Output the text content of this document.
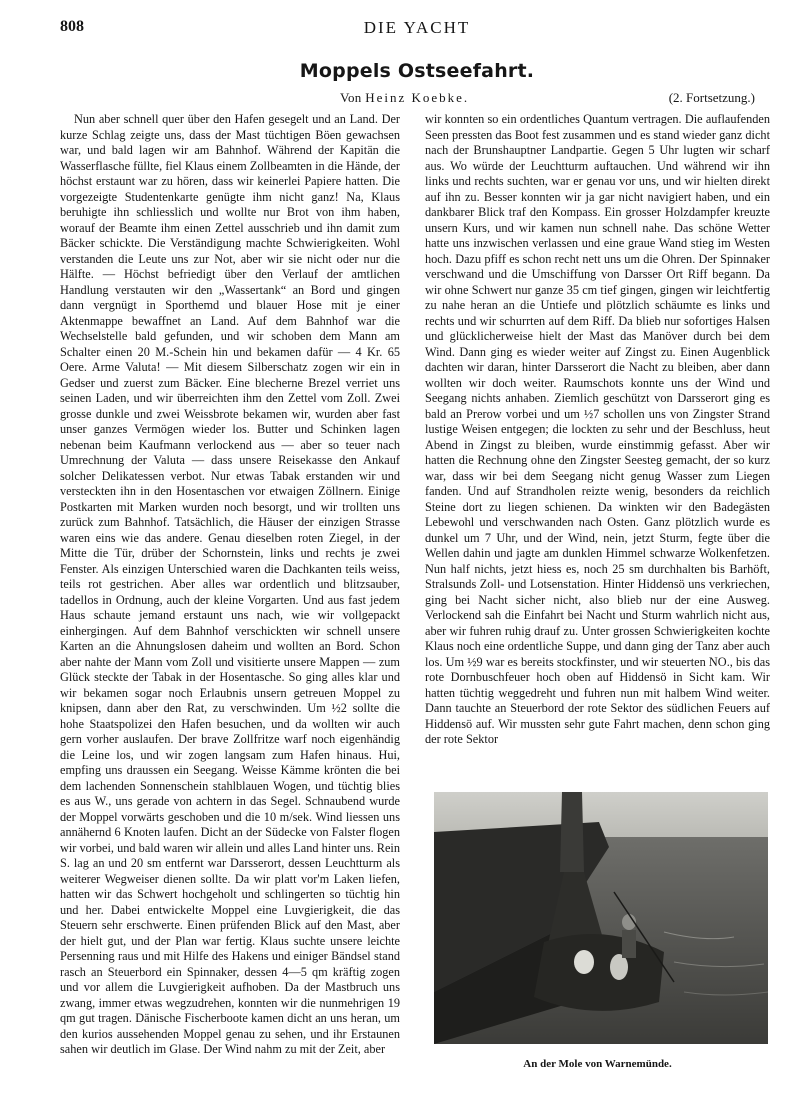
808	DIE YACHT
Moppels Ostseefahrt.
Von Heinz Koebke.	(2. Fortsetzung.)

Nun aber schnell quer über den Hafen gesegelt und an Land. Der kurze Schlag zeigte uns, dass der Mast tüchtigen Böen gewachsen war, und bald lagen wir am Bahnhof. Während der Kapitän die Wasserflasche füllte, fiel Klaus einem Zollbeamten in die Hände, der höchst erstaunt war zu hören, dass wir keinerlei Papiere hatten. Die vorgezeigte Studentenkarte genügte ihm nicht ganz! Na, Klaus beruhigte ihn schliesslich und wollte nur Brot von ihm haben, worauf der Beamte ihm einen Zettel ausschrieb und ihn damit zum Bäcker schickte. Die Verständigung machte Schwierigkeiten. Wohl verstanden die Leute uns zur Not, aber wir sie nicht oder nur die Hälfte. — Höchst befriedigt über den Verlauf der amtlichen Handlung verstauten wir den „Wassertank“ an Bord und gingen dann vergnügt in Sporthemd und blauer Hose mit je einer Aktenmappe bewaffnet an Land. Auf dem Bahnhof war die Wechselstelle bald gefunden, und wir schoben dem Mann am Schalter einen 20 M.-Schein hin und bekamen dafür — 4 Kr. 65 Oere. Arme Valuta! — Mit diesem Silberschatz zogen wir ein in Gedser und zuerst zum Bäcker. Eine blecherne Brezel verriet uns seinen Laden, und wir überreichten ihm den Zettel vom Zoll. Zwei grosse dunkle und zwei Weissbrote bekamen wir, wurden aber fast unser ganzes Vermögen wieder los. Butter und Schinken lagen nebenan beim Kaufmann verlockend aus — aber so teuer nach Umrechnung der Valuta — dass unsere Reisekasse den Ankauf solcher Delikatessen verbot. Nur etwas Tabak erstanden wir und versteckten ihn in den Hosentaschen vor etwaigen Zöllnern. Einige Postkarten mit Marken wurden noch besorgt, und wir trollten uns zurück zum Bahnhof. Tatsächlich, die Häuser der einzigen Strasse waren eins wie das andere. Genau dieselben roten Ziegel, in der Mitte die Tür, drüber der Schornstein, links und rechts je zwei Fenster. Als einzigen Unterschied waren die Dachkanten teils weiss, teils rot gestrichen. Aber alles war ordentlich und blitzsauber, tadellos in Ordnung, auch der kleine Vorgarten. Und aus fast jedem Haus schaute jemand erstaunt uns nach, wie wir vollgepackt einhergingen. Auf dem Bahnhof verschickten wir schnell unsere Karten an die Ahnungslosen daheim und wollten an Bord. Schon aber nahte der Mann vom Zoll und visitierte unsere Mappen — zum Glück steckte der Tabak in der Hosentasche. So ging alles klar und wir bekamen sogar noch Erlaubnis unsern getreuen Moppel zu knipsen, dann aber den Rat, zu verschwinden. Um ½2 sollte die hohe Staatspolizei den Hafen besuchen, und da wollten wir auch gern vorher auslaufen. Der brave Zollfritze warf noch eigenhändig die Leine los, und wir zogen langsam zum Hafen hinaus. Hui, empfing uns draussen ein Seegang. Weisse Kämme krönten die bei dem lachenden Sonnenschein stahlblauen Wogen, und tüchtig blies es aus W., uns gerade von achtern in das Segel. Schnaubend wurde der Moppel vorwärts geschoben und die 10 m/sek. Wind liessen uns annähernd 6 Knoten laufen. Dicht an der Südecke von Falster flogen wir vorbei, und bald waren wir allein und alles Land hinter uns. Rein S. lag an und 20 sm entfernt war Darsserort, dessen Leuchtturm als weiterer Wegweiser dienen sollte. Da wir platt vor'm Laken liefen, hatten wir das Schwert hochgeholt und schlingerten so tüchtig hin und her. Dabei entwickelte Moppel eine Luvgierigkeit, die das Steuern sehr erschwerte. Einen prüfenden Blick auf den Mast, aber der hielt gut, und der Plan war fertig. Klaus suchte unsere leichte Persenning raus und mit Hilfe des Hakens und einiger Bändsel stand rasch an Steuerbord ein Spinnaker, dessen 4—5 qm kräftig zogen und vor allem die Luvgierigkeit aufhoben. Da der Mastbruch uns zwang, immer etwas wegzudrehen, konnten wir die nunmehrigen 19 qm gut tragen. Dänische Fischerboote kamen dicht an uns heran, um den kurios aussehenden Moppel genau zu sehen, und ihr Erstaunen sahen wir deutlich im Glase. Der Wind nahm zu mit der Zeit, aber

wir konnten so ein ordentliches Quantum vertragen. Die auflaufenden Seen pressten das Boot fest zusammen und es stand wieder ganz dicht nach der Brunshauptner Landpartie. Gegen 5 Uhr lugten wir scharf aus. Wo würde der Leuchtturm auftauchen. Und während wir ihn links und rechts suchten, war er genau vor uns, und wir hielten direkt auf ihn zu. Besser konnten wir ja gar nicht navigiert haben, und ein dankbarer Blick traf den Kompass. Ein grosser Holzdampfer kreuzte unsern Kurs, und wir kamen nun schnell nahe. Das schöne Wetter hatte uns inzwischen verlassen und eine graue Wand stieg im Westen hoch. Dazu pfiff es schon recht nett uns um die Ohren. Der Spinnaker verschwand und die Umschiffung von Darsser Ort Riff begann. Da wir ohne Schwert nur ganze 35 cm tief gingen, gingen wir leichtfertig zu nahe heran an die Untiefe und plötzlich schäumte es links und rechts und wir schurrten auf dem Riff. Da blieb nur sofortiges Halsen und glücklicherweise hielt der Mast das Manöver durch bei dem Wind. Dann ging es wieder weiter auf Zingst zu. Einen Augenblick dachten wir daran, hinter Darsserort die Nacht zu bleiben, aber dann wollten wir doch weiter. Raumschots konnte uns der Wind und Seegang nichts anhaben. Ziemlich geschützt von Darsserort ging es bald an Prerow vorbei und um ½7 schollen uns von Zingster Strand lustige Weisen entgegen; die lockten zu sehr und der Beschluss, heut Abend in Zingst zu bleiben, wurde einstimmig gefasst. Aber wir hatten die Rechnung ohne den Zingster Seesteg gemacht, der so kurz war, dass wir bei dem Seegang nicht genug Wasser zum Liegen fanden. Und auf Strandholen reizte wenig, besonders da reichlich Steine dort zu liegen schienen. Da winkten wir den Badegästen Lebewohl und verschwanden nach Osten. Ganz plötzlich wurde es dunkel um 7 Uhr, und der Wind, nein, jetzt Sturm, fegte über die Wellen dahin und jagte am dunklen Himmel schwarze Wolkenfetzen. Nun half nichts, jetzt hiess es, noch 25 sm durchhalten bis Barhöft, Stralsunds Zoll- und Lotsenstation. Hinter Hiddensö uns verkriechen, ging bei Nacht sicher nicht, also blieb nur der eine Ausweg. Verlockend sah die Einfahrt bei Nacht und Sturm wahrlich nicht aus, aber wir fuhren ruhig drauf zu. Unter grossen Schwierigkeiten kochte Klaus noch eine ordentliche Suppe, und dann ging der Tanz aber auch los. Um ½9 war es bereits stockfinster, und wir steuerten NO., bis das rote Dornbuschfeuer hoch oben auf Hiddensö in Sicht kam. Wir hatten tüchtig weggedreht und fuhren nun mit halbem Wind weiter. Dann tauchte an Steuerbord der rote Sektor des südlichen Feuers auf Hiddensö auf. Wir mussten sehr gute Fahrt machen, denn schon ging der rote Sektor

An der Mole von Warnemünde.
